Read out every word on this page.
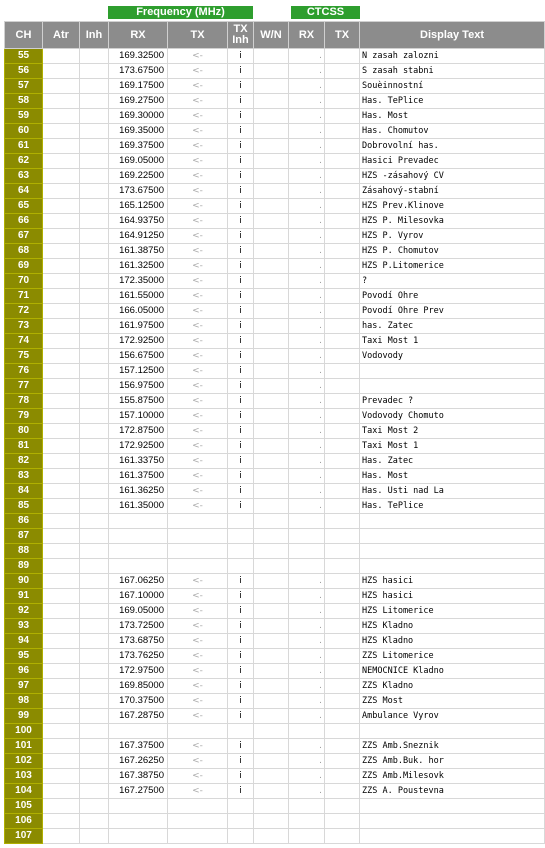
Frequency (MHz)	CTCSS
CH	Atr	Inh	RX	TX	TX Inh	W/N	RX	TX	Display Text
55			169.32500	<-	i		.		N zasah zalozni
56			173.67500	<-	i		.		S zasah stabni
57			169.17500	<-	i		.		Souèinnostní
58			169.27500	<-	i		.		Has. TePlice
59			169.30000	<-	i		.		Has. Most
60			169.35000	<-	i		.		Has. Chomutov
61			169.37500	<-	i		.		Dobrovolní has.
62			169.05000	<-	i		.		Hasici Prevadec
63			169.22500	<-	i		.		HZS -zásahový CV
64			173.67500	<-	i		.		Zásahový-stabní
65			165.12500	<-	i		.		HZS Prev.Klinove
66			164.93750	<-	i		.		HZS P. Milesovka
67			164.91250	<-	i		.		HZS P. Vyrov
68			161.38750	<-	i		.		HZS P. Chomutov
69			161.32500	<-	i		.		HZS P.Litomerice
70			172.35000	<-	i		.		?
71			161.55000	<-	i		.		Povodí Ohre
72			166.05000	<-	i		.		Povodí Ohre Prev
73			161.97500	<-	i		.		has. Zatec
74			172.92500	<-	i		.		Taxi Most 1
75			156.67500	<-	i		.		Vodovody
76			157.12500	<-	i		.		
77			156.97500	<-	i		.		
78			155.87500	<-	i		.		Prevadec ?
79			157.10000	<-	i		.		Vodovody Chomuto
80			172.87500	<-	i		.		Taxi Most 2
81			172.92500	<-	i		.		Taxi Most 1
82			161.33750	<-	i		.		Has. Zatec
83			161.37500	<-	i		.		Has. Most
84			161.36250	<-	i		.		Has. Usti nad La
85			161.35000	<-	i		.		Has. TePlice
86									
87									
88									
89									
90			167.06250	<-	i		.		HZS hasici
91			167.10000	<-	i		.		HZS hasici
92			169.05000	<-	i		.		HZS Litomerice
93			173.72500	<-	i		.		HZS Kladno
94			173.68750	<-	i		.		HZS Kladno
95			173.76250	<-	i		.		ZZS Litomerice
96			172.97500	<-	i		.		NEMOCNICE Kladno
97			169.85000	<-	i		.		ZZS Kladno
98			170.37500	<-	i		.		ZZS Most
99			167.28750	<-	i		.		Ambulance Vyrov
100									
101			167.37500	<-	i		.		ZZS Amb.Sneznik
102			167.26250	<-	i		.		ZZS Amb.Buk. hor
103			167.38750	<-	i		.		ZZS Amb.Milesovk
104			167.27500	<-	i		.		ZZS A. Poustevna
105									
106									
107									
